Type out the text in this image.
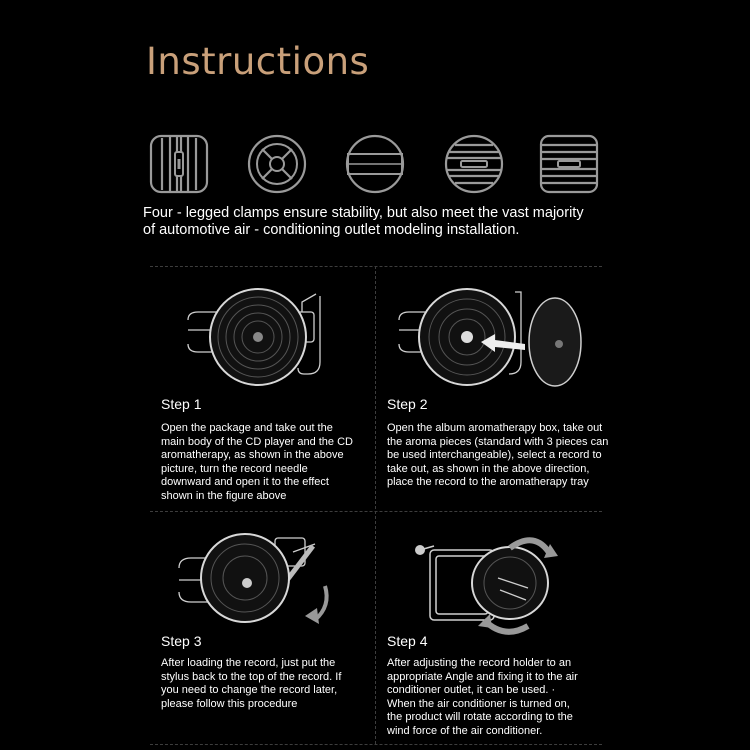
Instructions
Four - legged clamps ensure stability, but also meet the vast majority
of automotive air - conditioning outlet modeling installation.
Step 1
Open the package and take out the
main body of the CD player and the CD
aromatherapy, as shown in the above
picture, turn the record needle
downward and open it to the effect
shown in the figure above
Step 2
Open the album aromatherapy box, take out
the aroma pieces (standard with 3 pieces can
be used interchangeable), select a record to
take out, as shown in the above direction,
place the record to the aromatherapy tray
Step 3
After loading the record, just put the
stylus back to the top of the record. If
you need to change the record later,
please follow this procedure
Step 4
After adjusting the record holder to an
appropriate Angle and fixing it to the air
conditioner outlet, it can be used. ·
When the air conditioner is turned on,
the product will rotate according to the
wind force of the air conditioner.
